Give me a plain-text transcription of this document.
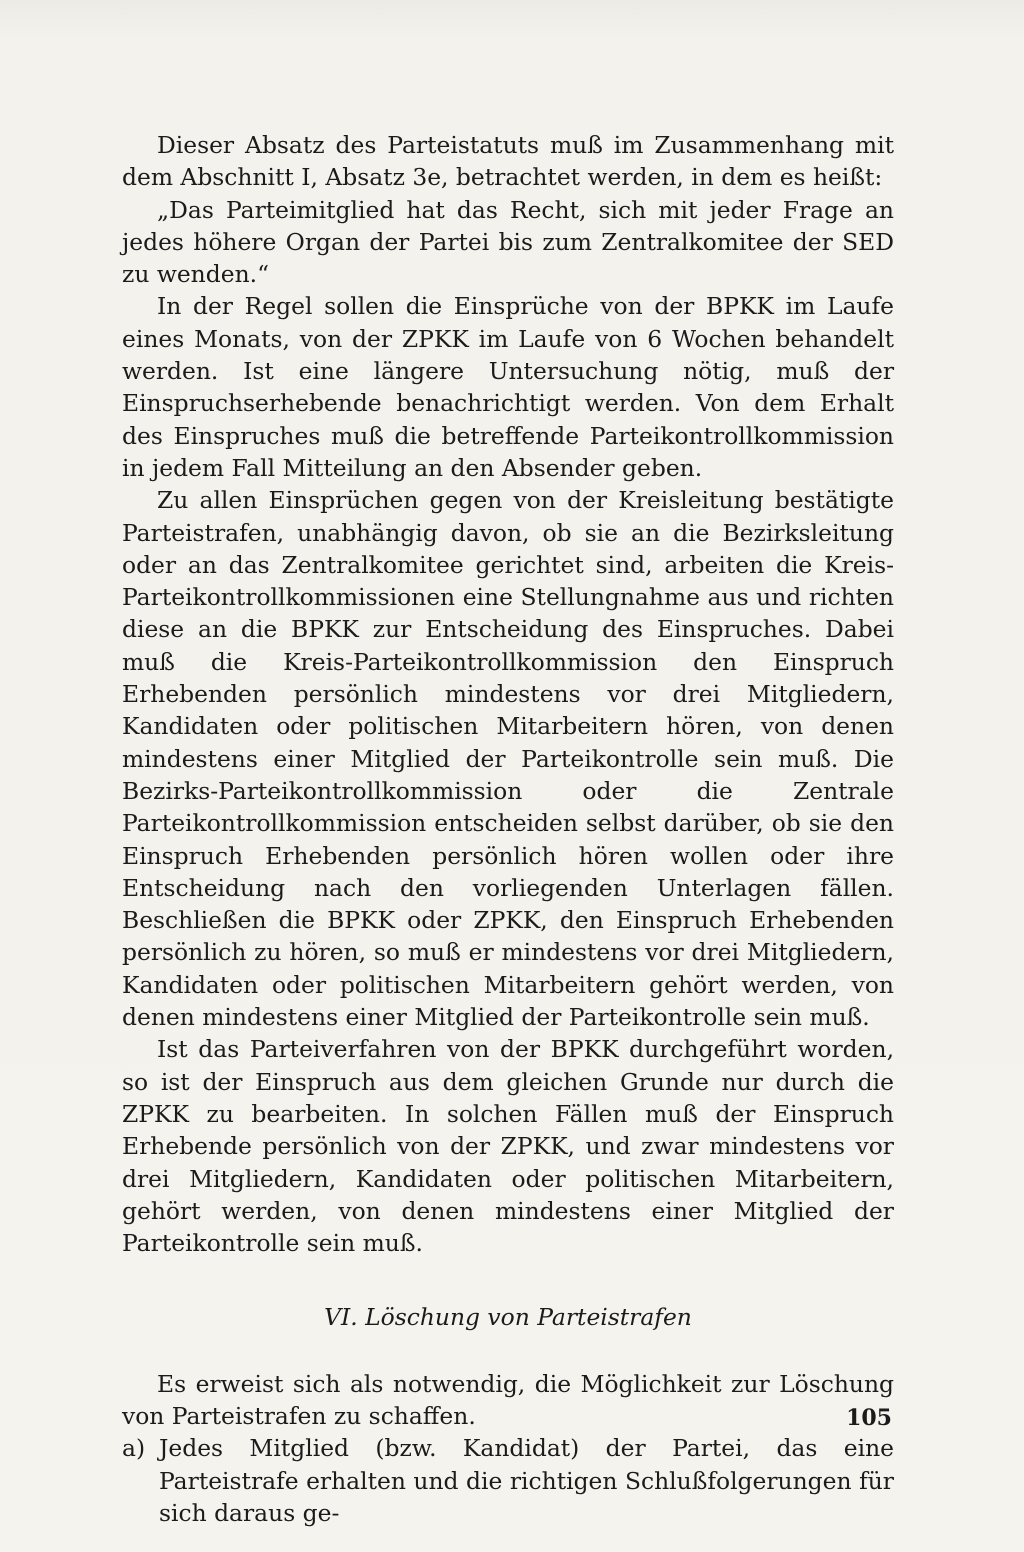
Dieser Absatz des Parteistatuts muß im Zusammenhang mit dem Abschnitt I, Absatz 3e, betrachtet werden, in dem es heißt:

„Das Parteimitglied hat das Recht, sich mit jeder Frage an jedes höhere Organ der Partei bis zum Zentralkomitee der SED zu wenden.“

In der Regel sollen die Einsprüche von der BPKK im Laufe eines Monats, von der ZPKK im Laufe von 6 Wochen behandelt werden. Ist eine längere Untersuchung nötig, muß der Einspruchserhebende benachrichtigt werden. Von dem Erhalt des Einspruches muß die betreffende Parteikontrollkommission in jedem Fall Mitteilung an den Absender geben.

Zu allen Einsprüchen gegen von der Kreisleitung bestätigte Parteistrafen, unabhängig davon, ob sie an die Bezirksleitung oder an das Zentralkomitee gerichtet sind, arbeiten die Kreis-Parteikontrollkommissionen eine Stellungnahme aus und richten diese an die BPKK zur Entscheidung des Einspruches. Dabei muß die Kreis-Parteikontrollkommission den Einspruch Erhebenden persönlich mindestens vor drei Mitgliedern, Kandidaten oder politischen Mitarbeitern hören, von denen mindestens einer Mitglied der Parteikontrolle sein muß. Die Bezirks-Parteikontrollkommission oder die Zentrale Parteikontrollkommission entscheiden selbst darüber, ob sie den Einspruch Erhebenden persönlich hören wollen oder ihre Entscheidung nach den vorliegenden Unterlagen fällen. Beschließen die BPKK oder ZPKK, den Einspruch Erhebenden persönlich zu hören, so muß er mindestens vor drei Mitgliedern, Kandidaten oder politischen Mitarbeitern gehört werden, von denen mindestens einer Mitglied der Parteikontrolle sein muß.

Ist das Parteiverfahren von der BPKK durchgeführt worden, so ist der Einspruch aus dem gleichen Grunde nur durch die ZPKK zu bearbeiten. In solchen Fällen muß der Einspruch Erhebende persönlich von der ZPKK, und zwar mindestens vor drei Mitgliedern, Kandidaten oder politischen Mitarbeitern, gehört werden, von denen mindestens einer Mitglied der Parteikontrolle sein muß.

VI. Löschung von Parteistrafen

Es erweist sich als notwendig, die Möglichkeit zur Löschung von Parteistrafen zu schaffen.

a) Jedes Mitglied (bzw. Kandidat) der Partei, das eine Parteistrafe erhalten und die richtigen Schlußfolgerungen für sich daraus ge-
105
